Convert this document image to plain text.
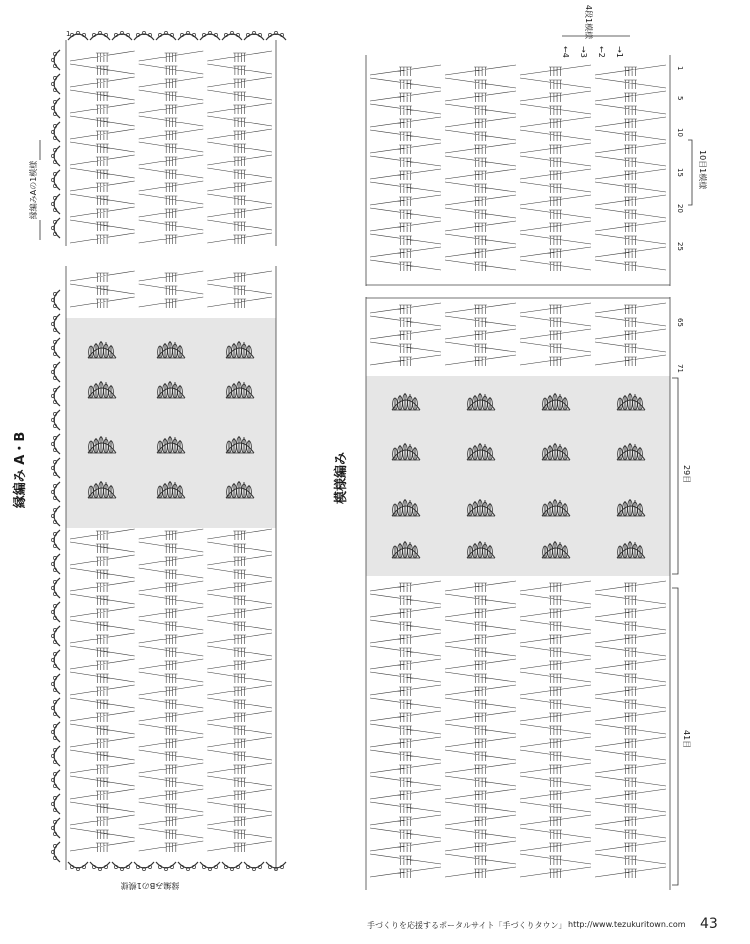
縁編み A・B
縁編みAの1模様
縁編みBの1模様
1
模様編み
4段1模様
←4 →3 ←2 →1
1
5
10
15
20
25
65
71
10目1模様
29目
41目
手づくりを応援するポータルサイト「手づくりタウン」 http://www.tezukuritown.com 43
